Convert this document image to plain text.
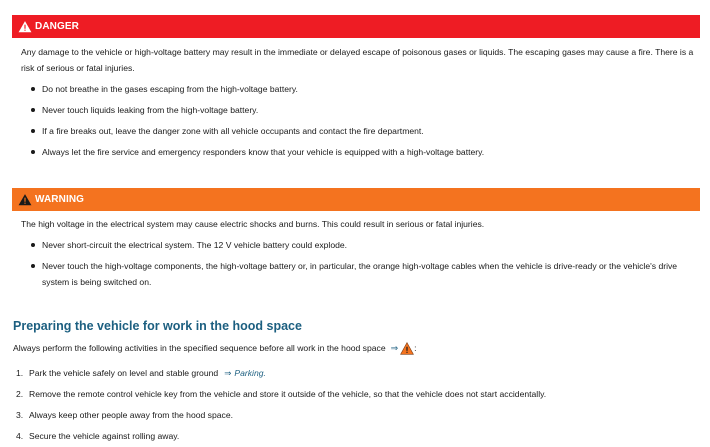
DANGER

Any damage to the vehicle or high-voltage battery may result in the immediate or delayed escape of poisonous gases or liquids. The escaping gases may cause a fire. There is a risk of serious or fatal injuries.

Do not breathe in the gases escaping from the high-voltage battery.
Never touch liquids leaking from the high-voltage battery.
If a fire breaks out, leave the danger zone with all vehicle occupants and contact the fire department.
Always let the fire service and emergency responders know that your vehicle is equipped with a high-voltage battery.
WARNING

The high voltage in the electrical system may cause electric shocks and burns. This could result in serious or fatal injuries.

Never short-circuit the electrical system. The 12 V vehicle battery could explode.
Never touch the high-voltage components, the high-voltage battery or, in particular, the orange high-voltage cables when the vehicle is drive-ready or the vehicle's drive system is being switched on.
Preparing the vehicle for work in the hood space
Always perform the following activities in the specified sequence before all work in the hood space ⇒ :
1. Park the vehicle safely on level and stable ground ⇒ Parking.
2. Remove the remote control vehicle key from the vehicle and store it outside of the vehicle, so that the vehicle does not start accidentally.
3. Always keep other people away from the hood space.
4. Secure the vehicle against rolling away.
